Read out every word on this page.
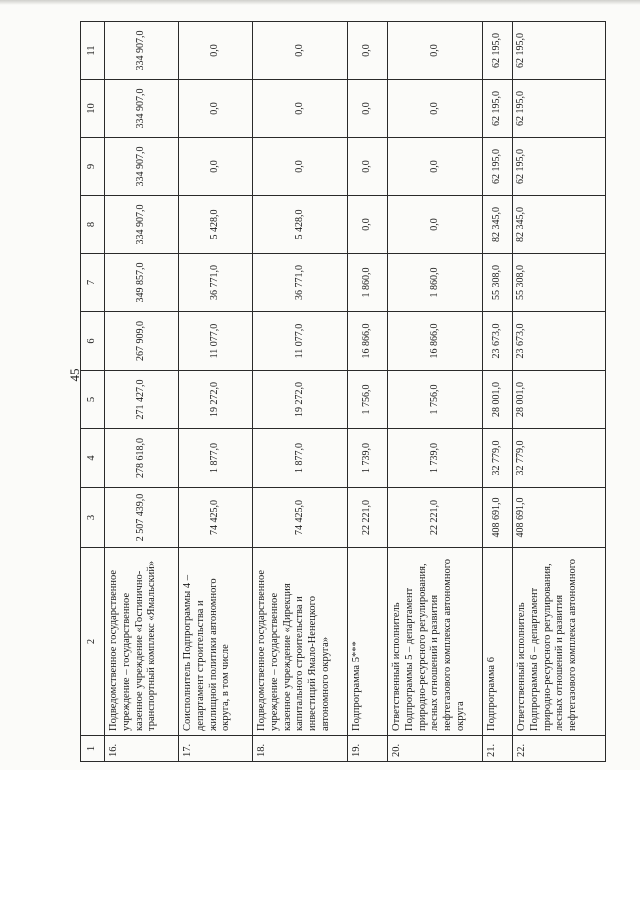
45
1	2	3	4	5	6	7	8	9	10	11
16.	Подведомственное государственное учреждение – государственное казенное учреждение «Гостинично-транспортный комплекс «Ямальский»	2 507 439,0	278 618,0	271 427,0	267 909,0	349 857,0	334 907,0	334 907,0	334 907,0	334 907,0
17.	Соисполнитель Подпрограммы 4 – департамент строительства и жилищной политики автономного округа, в том числе	74 425,0	1 877,0	19 272,0	11 077,0	36 771,0	5 428,0	0,0	0,0	0,0
18.	Подведомственное государственное учреждение – государственное казенное учреждение «Дирекция капитального строительства и инвестиций Ямало-Ненецкого автономного округа»	74 425,0	1 877,0	19 272,0	11 077,0	36 771,0	5 428,0	0,0	0,0	0,0
19.	Подпрограмма 5***	22 221,0	1 739,0	1 756,0	16 866,0	1 860,0	0,0	0,0	0,0	0,0
20.	Ответственный исполнитель Подпрограммы 5 – департамент природно-ресурсного регулирования, лесных отношений и развития нефтегазового комплекса автономного округа	22 221,0	1 739,0	1 756,0	16 866,0	1 860,0	0,0	0,0	0,0	0,0
21.	Подпрограмма 6	408 691,0	32 779,0	28 001,0	23 673,0	55 308,0	82 345,0	62 195,0	62 195,0	62 195,0
22.	Ответственный исполнитель Подпрограммы 6 – департамент природно-ресурсного регулирования, лесных отношений и развития нефтегазового комплекса автономного	408 691,0	32 779,0	28 001,0	23 673,0	55 308,0	82 345,0	62 195,0	62 195,0	62 195,0
